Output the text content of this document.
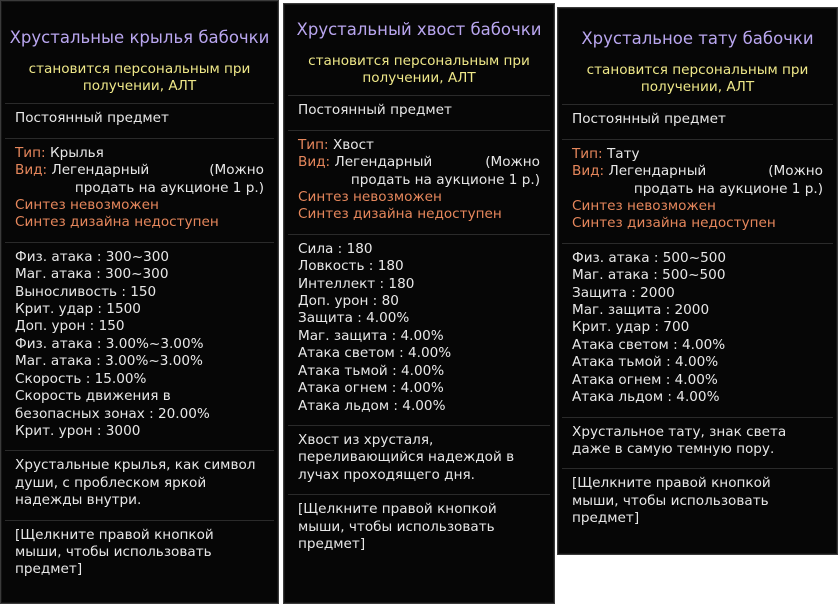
Хрустальные крылья бабочки
становится персональным при
получении, АЛТ
Постоянный предмет
Тип: Крылья
Вид: Легендарный	(Можно
продать на аукционе 1 р.)
Синтез невозможен
Синтез дизайна недоступен
Физ. атака : 300~300
Маг. атака : 300~300
Выносливость : 150
Крит. удар : 1500
Доп. урон : 150
Физ. атака : 3.00%~3.00%
Маг. атака : 3.00%~3.00%
Скорость : 15.00%
Скорость движения в
безопасных зонах : 20.00%
Крит. урон : 3000
Хрустальные крылья, как символ
души, с проблеском яркой
надежды внутри.
[Щелкните правой кнопкой
мыши, чтобы использовать
предмет]
Хрустальный хвост бабочки
становится персональным при
получении, АЛТ
Постоянный предмет
Тип: Хвост
Вид: Легендарный	(Можно
продать на аукционе 1 р.)
Синтез невозможен
Синтез дизайна недоступен
Сила : 180
Ловкость : 180
Интеллект : 180
Доп. урон : 80
Защита : 4.00%
Маг. защита : 4.00%
Атака светом : 4.00%
Атака тьмой : 4.00%
Атака огнем : 4.00%
Атака льдом : 4.00%
Хвост из хрусталя,
переливающийся надеждой в
лучах проходящего дня.
[Щелкните правой кнопкой
мыши, чтобы использовать
предмет]
Хрустальное тату бабочки
становится персональным при
получении, АЛТ
Постоянный предмет
Тип: Тату
Вид: Легендарный	(Можно
продать на аукционе 1 р.)
Синтез невозможен
Синтез дизайна недоступен
Физ. атака : 500~500
Маг. атака : 500~500
Защита : 2000
Маг. защита : 2000
Крит. удар : 700
Атака светом : 4.00%
Атака тьмой : 4.00%
Атака огнем : 4.00%
Атака льдом : 4.00%
Хрустальное тату, знак света
даже в самую темную пору.
[Щелкните правой кнопкой
мыши, чтобы использовать
предмет]
